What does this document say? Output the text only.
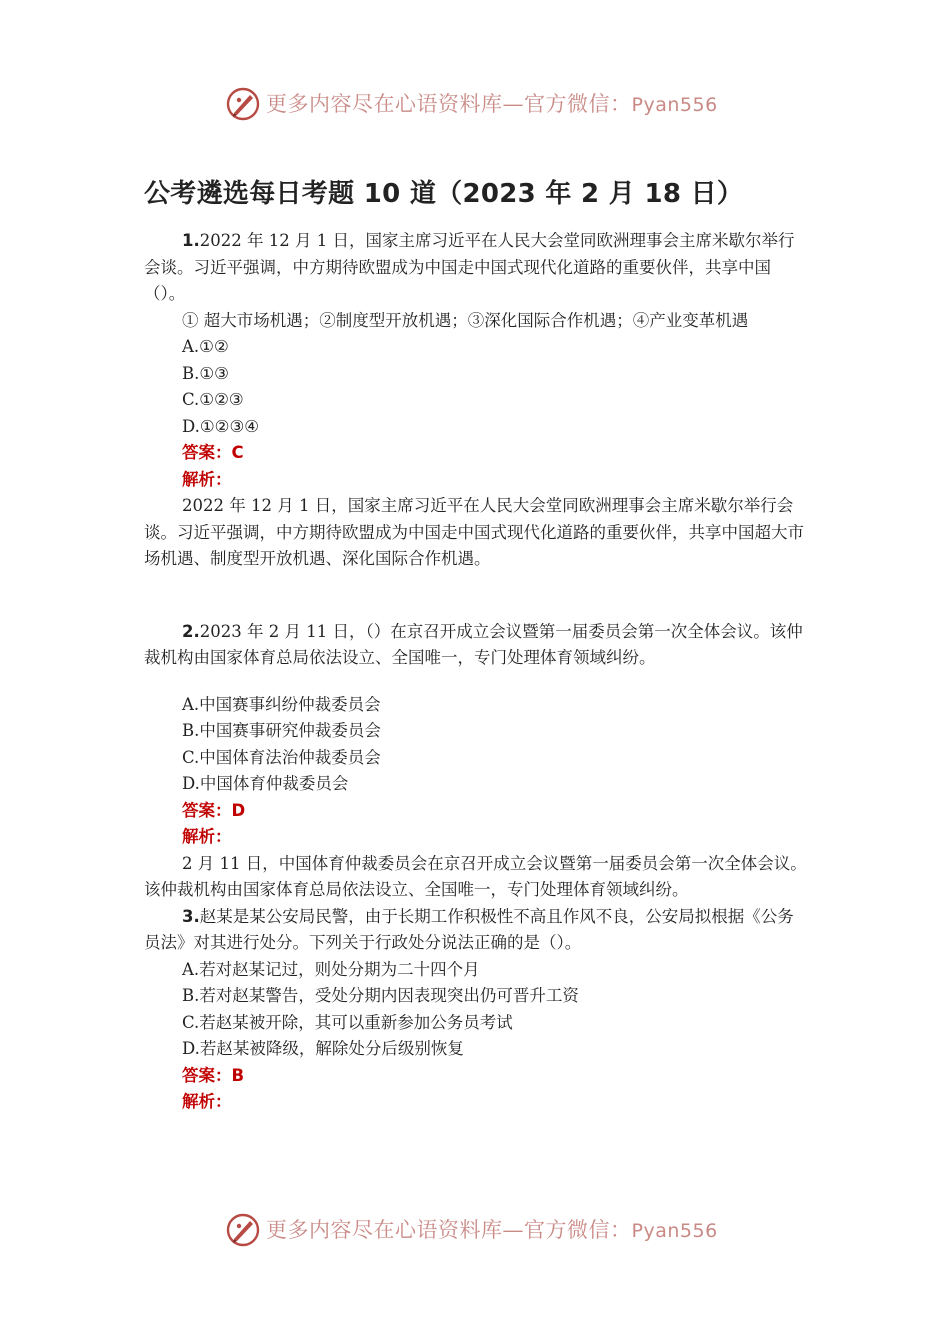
更多内容尽在心语资料库—官方微信：Pyan556
公考遴选每日考题 10 道（2023 年 2 月 18 日）

1.2022 年 12 月 1 日，国家主席习近平在人民大会堂同欧洲理事会主席米歇尔举行会谈。习近平强调，中方期待欧盟成为中国走中国式现代化道路的重要伙伴，共享中国（）。

① 超大市场机遇；②制度型开放机遇；③深化国际合作机遇；④产业变革机遇

A.①②

B.①③

C.①②③

D.①②③④

答案：C

解析：

2022 年 12 月 1 日，国家主席习近平在人民大会堂同欧洲理事会主席米歇尔举行会谈。习近平强调，中方期待欧盟成为中国走中国式现代化道路的重要伙伴，共享中国超大市场机遇、制度型开放机遇、深化国际合作机遇。

2.2023 年 2 月 11 日，（）在京召开成立会议暨第一届委员会第一次全体会议。该仲裁机构由国家体育总局依法设立、全国唯一，专门处理体育领域纠纷。

A.中国赛事纠纷仲裁委员会

B.中国赛事研究仲裁委员会

C.中国体育法治仲裁委员会

D.中国体育仲裁委员会

答案：D

解析：

2 月 11 日，中国体育仲裁委员会在京召开成立会议暨第一届委员会第一次全体会议。该仲裁机构由国家体育总局依法设立、全国唯一，专门处理体育领域纠纷。

3.赵某是某公安局民警，由于长期工作积极性不高且作风不良，公安局拟根据《公务员法》对其进行处分。下列关于行政处分说法正确的是（）。

A.若对赵某记过，则处分期为二十四个月

B.若对赵某警告，受处分期内因表现突出仍可晋升工资

C.若赵某被开除，其可以重新参加公务员考试

D.若赵某被降级，解除处分后级别恢复

答案：B

解析：

更多内容尽在心语资料库—官方微信：Pyan556
